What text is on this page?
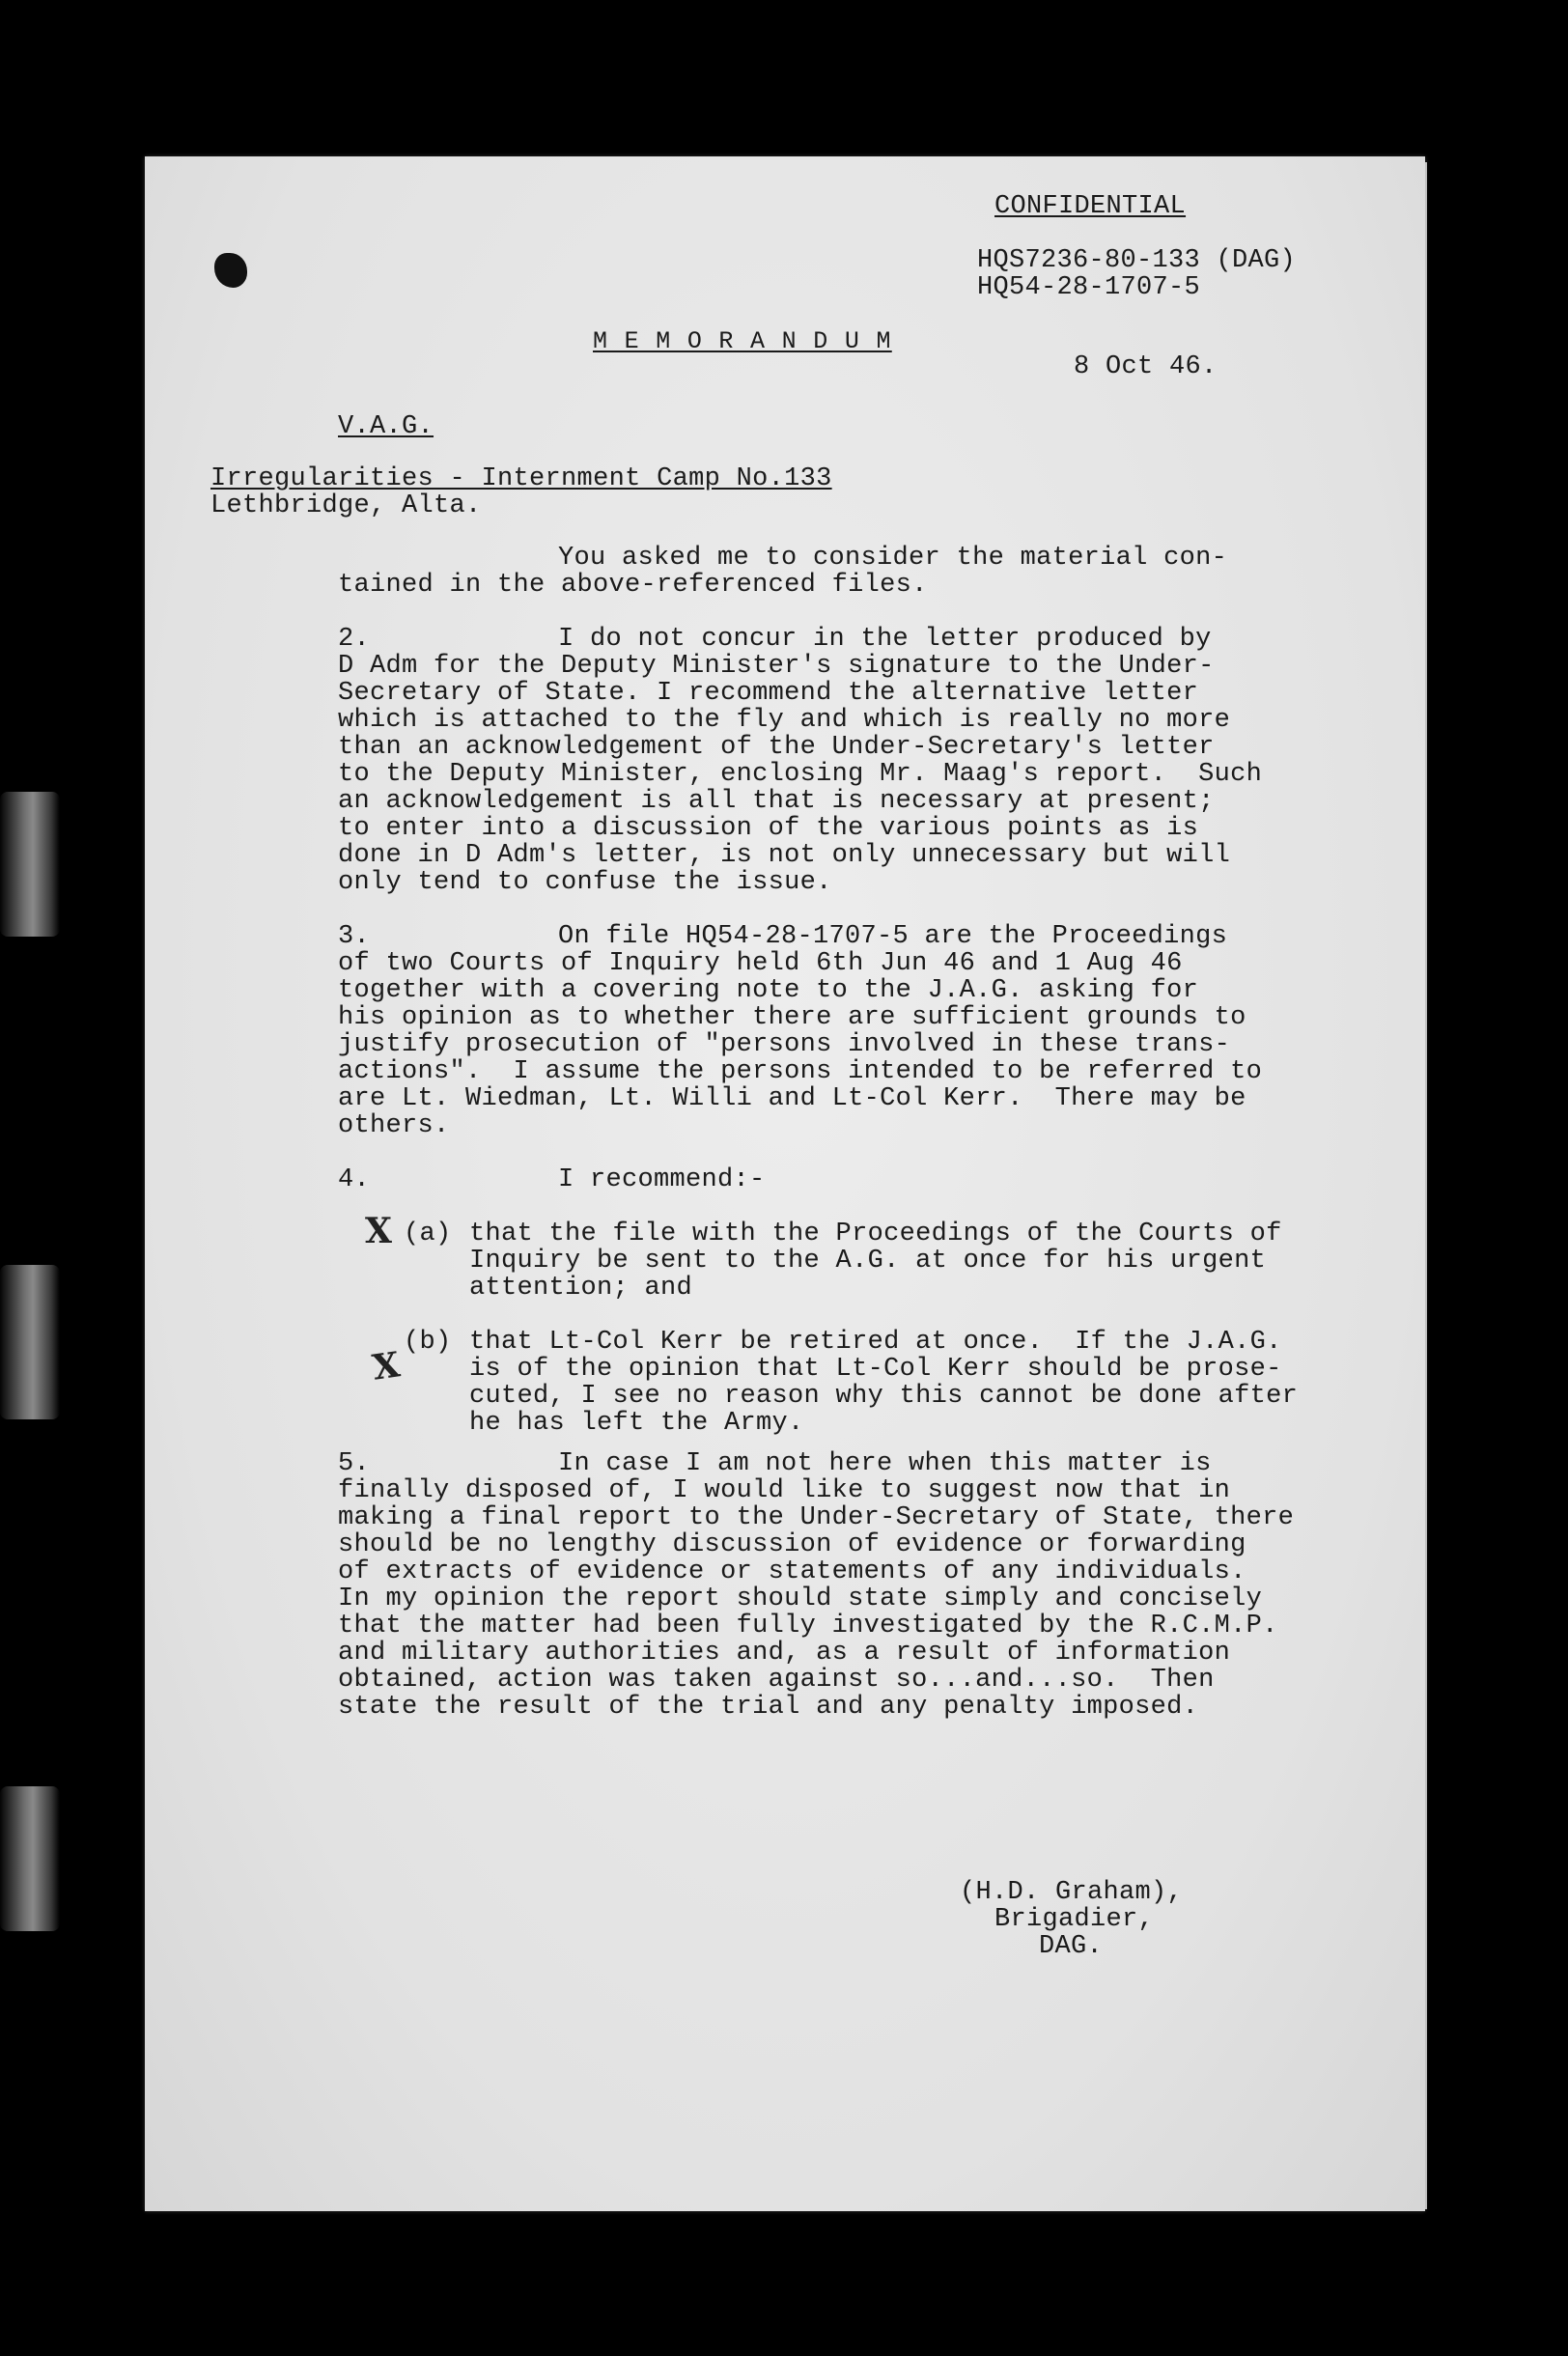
CONFIDENTIAL
HQS7236-80-133 (DAG)
HQ54-28-1707-5
M E M O R A N D U M
8 Oct 46.
V.A.G.
Irregularities - Internment Camp No.133
Lethbridge, Alta.
You asked me to consider the material con-
tained in the above-referenced files.
2.	I do not concur in the letter produced by
D Adm for the Deputy Minister's signature to the Under-
Secretary of State. I recommend the alternative letter
which is attached to the fly and which is really no more
than an acknowledgement of the Under-Secretary's letter
to the Deputy Minister, enclosing Mr. Maag's report.  Such
an acknowledgement is all that is necessary at present;
to enter into a discussion of the various points as is
done in D Adm's letter, is not only unnecessary but will
only tend to confuse the issue.
3.	On file HQ54-28-1707-5 are the Proceedings
of two Courts of Inquiry held 6th Jun 46 and 1 Aug 46
together with a covering note to the J.A.G. asking for
his opinion as to whether there are sufficient grounds to
justify prosecution of "persons involved in these trans-
actions".  I assume the persons intended to be referred to
are Lt. Wiedman, Lt. Willi and Lt-Col Kerr.  There may be
others.
4.	I recommend:-
X (a) that the file with the Proceedings of the Courts of
Inquiry be sent to the A.G. at once for his urgent
attention; and
(b)
X
that Lt-Col Kerr be retired at once.  If the J.A.G.
is of the opinion that Lt-Col Kerr should be prose-
cuted, I see no reason why this cannot be done after
he has left the Army.
5.	In case I am not here when this matter is
finally disposed of, I would like to suggest now that in
making a final report to the Under-Secretary of State, there
should be no lengthy discussion of evidence or forwarding
of extracts of evidence or statements of any individuals.
In my opinion the report should state simply and concisely
that the matter had been fully investigated by the R.C.M.P.
and military authorities and, as a result of information
obtained, action was taken against so...and...so.  Then
state the result of the trial and any penalty imposed.
(H.D. Graham),
Brigadier,
DAG.
